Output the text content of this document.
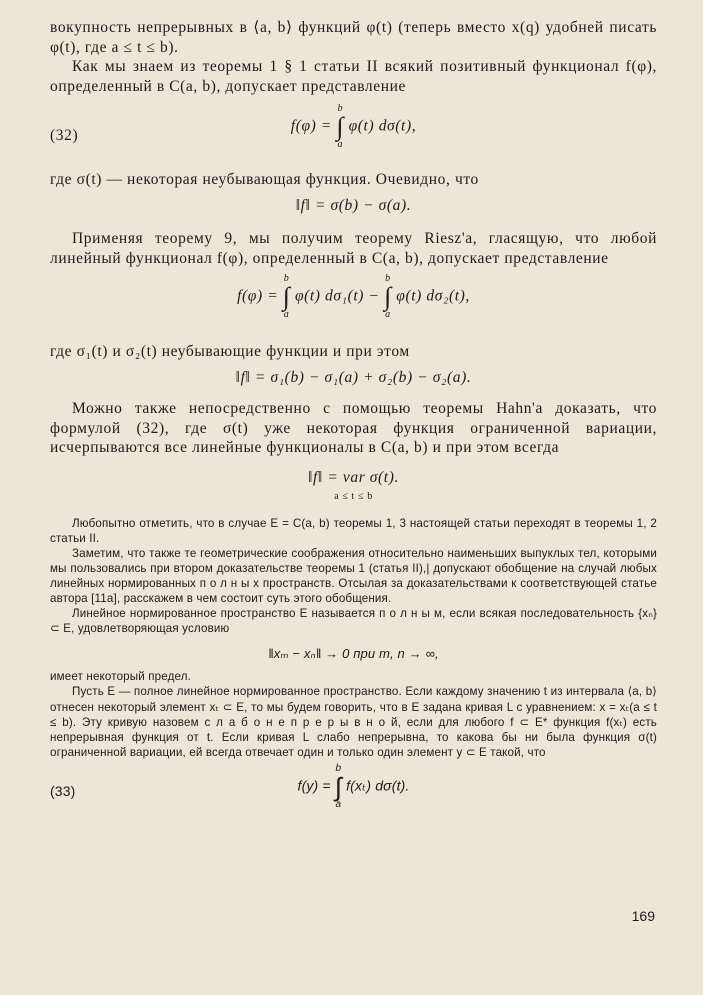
вокупность непрерывных в ⟨a, b⟩ функций φ(t) (теперь вместо x(q) удобней писать φ(t), где a ≤ t ≤ b).

Как мы знаем из теоремы 1 § 1 статьи II всякий позитивный функционал f(φ), определенный в C(a, b), допускает представление

(32)
f(φ) =
b
∫
a
φ(t) dσ(t),

где σ(t) — некоторая неубывающая функция. Очевидно, что

‖f‖ = σ(b) − σ(a).

Применяя теорему 9, мы получим теорему Riesz'a, гласящую, что любой линейный функционал f(φ), определенный в C(a, b), допускает представление

f(φ) =
b
∫
a
φ(t) dσ₁(t) −
b
∫
a
φ(t) dσ₂(t),

где σ₁(t) и σ₂(t) неубывающие функции и при этом

‖f‖ = σ₁(b) − σ₁(a) + σ₂(b) − σ₂(a).

Можно также непосредственно с помощью теоремы Hahn'a доказать, что формулой (32), где σ(t) уже некоторая функция ограниченной вариации, исчерпываются все линейные функционалы в C(a, b) и при этом всегда

‖f‖ = var σ(t).
a ≤ t ≤ b

Любопытно отметить, что в случае E = C(a, b) теоремы 1, 3 настоящей статьи переходят в теоремы 1, 2 статьи II.

Заметим, что также те геометрические соображения относительно наименьших выпуклых тел, которыми мы пользовались при втором доказательстве теоремы 1 (статья II),| допускают обобщение на случай любых линейных нормированных п о л н ы х пространств. Отсылая за доказательствами к соответствующей статье автора [11a], расскажем в чем состоит суть этого обобщения.

Линейное нормированное пространство E называется п о л н ы м, если всякая последовательность {xₙ} ⊂ E, удовлетворяющая условию

‖xₘ − xₙ‖ → 0 при m, n → ∞,

имеет некоторый предел.

Пусть E — полное линейное нормированное пространство. Если каждому значению t из интервала ⟨a, b⟩ отнесен некоторый элемент xₜ ⊂ E, то мы будем говорить, что в E задана кривая L с уравнением: x = xₜ(a ≤ t ≤ b). Эту кривую назовем с л а б о н е п р е р ы в н о й, если для любого f ⊂ E* функция f(xₜ) есть непрерывная функция от t. Если кривая L слабо непрерывна, то какова бы ни была функция σ(t) ограниченной вариации, ей всегда отвечает один и только один элемент y ⊂ E такой, что

(33)	f(y) =
b
∫
a
f(xₜ) dσ(t).
169
